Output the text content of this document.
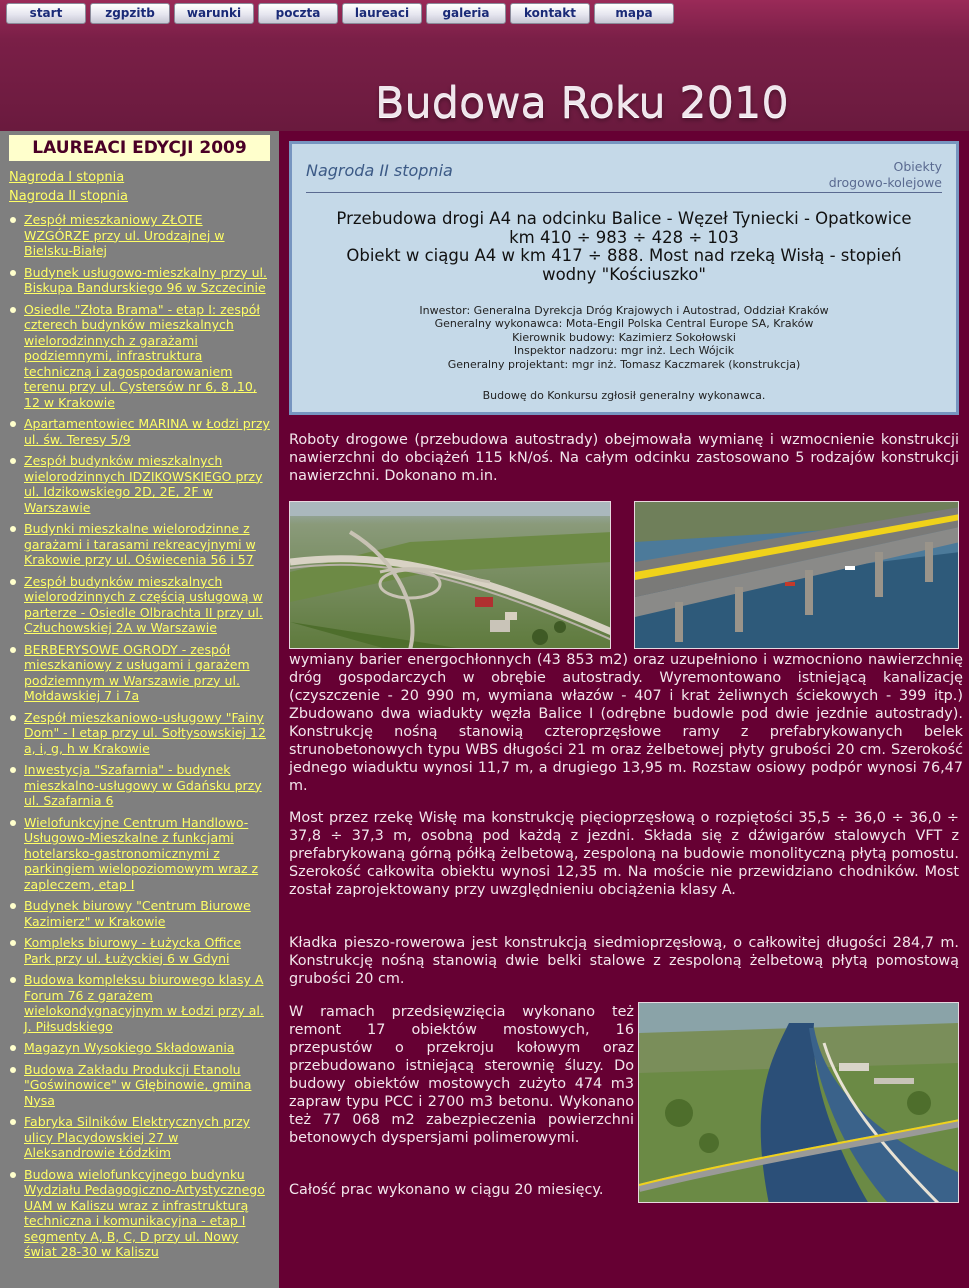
start	zgpzitb	warunki	poczta	laureaci	galeria	kontakt	mapa
Budowa Roku 2010
LAUREACI EDYCJI 2009
Nagroda I stopnia
Nagroda II stopnia
Zespół mieszkaniowy ZŁOTE WZGÓRZE przy ul. Urodzajnej w Bielsku-Białej
Budynek usługowo-mieszkalny przy ul. Biskupa Bandurskiego 96 w Szczecinie
Osiedle "Złota Brama" - etap I: zespół czterech budynków mieszkalnych wielorodzinnych z garażami podziemnymi, infrastruktura techniczną i zagospodarowaniem terenu przy ul. Cystersów nr 6, 8 ,10, 12 w Krakowie
Apartamentowiec MARINA w Łodzi przy ul. św. Teresy 5/9
Zespół budynków mieszkalnych wielorodzinnych IDZIKOWSKIEGO przy ul. Idzikowskiego 2D, 2E, 2F w Warszawie
Budynki mieszkalne wielorodzinne z garażami i tarasami rekreacyjnymi w Krakowie przy ul. Oświecenia 56 i 57
Zespół budynków mieszkalnych wielorodzinnych z częścią usługową w parterze - Osiedle Olbrachta II przy ul. Człuchowskiej 2A w Warszawie
BERBERYSOWE OGRODY - zespół mieszkaniowy z usługami i garażem podziemnym w Warszawie przy ul. Mołdawskiej 7 i 7a
Zespół mieszkaniowo-usługowy "Fainy Dom" - I etap przy ul. Sołtysowskiej 12 a, i, g, h w Krakowie
Inwestycja "Szafarnia" - budynek mieszkalno-usługowy w Gdańsku przy ul. Szafarnia 6
Wielofunkcyjne Centrum Handlowo-Usługowo-Mieszkalne z funkcjami hotelarsko-gastronomicznymi z parkingiem wielopoziomowym wraz z zapleczem, etap I
Budynek biurowy "Centrum Biurowe Kazimierz" w Krakowie
Kompleks biurowy - Łużycka Office Park przy ul. Łużyckiej 6 w Gdyni
Budowa kompleksu biurowego klasy A Forum 76 z garażem wielokondygnacyjnym w Łodzi przy al. J. Piłsudskiego
Magazyn Wysokiego Składowania
Budowa Zakładu Produkcji Etanolu "Goświnowice" w Głębinowie, gmina Nysa
Fabryka Silników Elektrycznych przy ulicy Placydowskiej 27 w Aleksandrowie Łódzkim
Budowa wielofunkcyjnego budynku Wydziału Pedagogiczno-Artystycznego UAM w Kaliszu wraz z infrastrukturą techniczna i komunikacyjna - etap I segmenty A, B, C, D przy ul. Nowy świat 28-30 w Kaliszu
Nagroda II stopnia	Obiekty
drogowo-kolejowe
Przebudowa drogi A4 na odcinku Balice - Węzeł Tyniecki - Opatkowice
km 410 ÷ 983 ÷ 428 ÷ 103
Obiekt w ciągu A4 w km 417 ÷ 888. Most nad rzeką Wisłą - stopień
wodny "Kościuszko"
Inwestor: Generalna Dyrekcja Dróg Krajowych i Autostrad, Oddział Kraków
Generalny wykonawca: Mota-Engil Polska Central Europe SA, Kraków
Kierownik budowy: Kazimierz Sokołowski
Inspektor nadzoru: mgr inż. Lech Wójcik
Generalny projektant: mgr inż. Tomasz Kaczmarek (konstrukcja)
Budowę do Konkursu zgłosił generalny wykonawca.
Roboty drogowe (przebudowa autostrady) obejmowała wymianę i wzmocnienie konstrukcji nawierzchni do obciążeń 115 kN/oś. Na całym odcinku zastosowano 5 rodzajów konstrukcji nawierzchni. Dokonano m.in.
wymiany barier energochłonnych (43 853 m2) oraz uzupełniono i wzmocniono nawierzchnię dróg gospodarczych w obrębie autostrady. Wyremontowano istniejącą kanalizację (czyszczenie - 20 990 m, wymiana włazów - 407 i krat żeliwnych ściekowych - 399 itp.) Zbudowano dwa wiadukty węzła Balice I (odrębne budowle pod dwie jezdnie autostrady). Konstrukcję nośną stanowią czteroprzęsłowe ramy z prefabrykowanych belek strunobetonowych typu WBS długości 21 m oraz żelbetowej płyty grubości 20 cm. Szerokość jednego wiaduktu wynosi 11,7 m, a drugiego 13,95 m. Rozstaw osiowy podpór wynosi 76,47 m.
Most przez rzekę Wisłę ma konstrukcję pięcioprzęsłową o rozpiętości 35,5 ÷ 36,0 ÷ 36,0 ÷ 37,8 ÷ 37,3 m, osobną pod każdą z jezdni. Składa się z dźwigarów stalowych VFT z prefabrykowaną górną półką żelbetową, zespoloną na budowie monolityczną płytą pomostu. Szerokość całkowita obiektu wynosi 12,35 m. Na moście nie przewidziano chodników. Most został zaprojektowany przy uwzględnieniu obciążenia klasy A.
Kładka pieszo-rowerowa jest konstrukcją siedmioprzęsłową, o całkowitej długości 284,7 m. Konstrukcję nośną stanowią dwie belki stalowe z zespoloną żelbetową płytą pomostową grubości 20 cm.
W ramach przedsięwzięcia wykonano też remont 17 obiektów mostowych, 16 przepustów o przekroju kołowym oraz przebudowano istniejącą sterownię śluzy. Do budowy obiektów mostowych zużyto 474 m3 zapraw typu PCC i 2700 m3 betonu. Wykonano też 77 068 m2 zabezpieczenia powierzchni betonowych dyspersjami polimerowymi.
Całość prac wykonano w ciągu 20 miesięcy.
